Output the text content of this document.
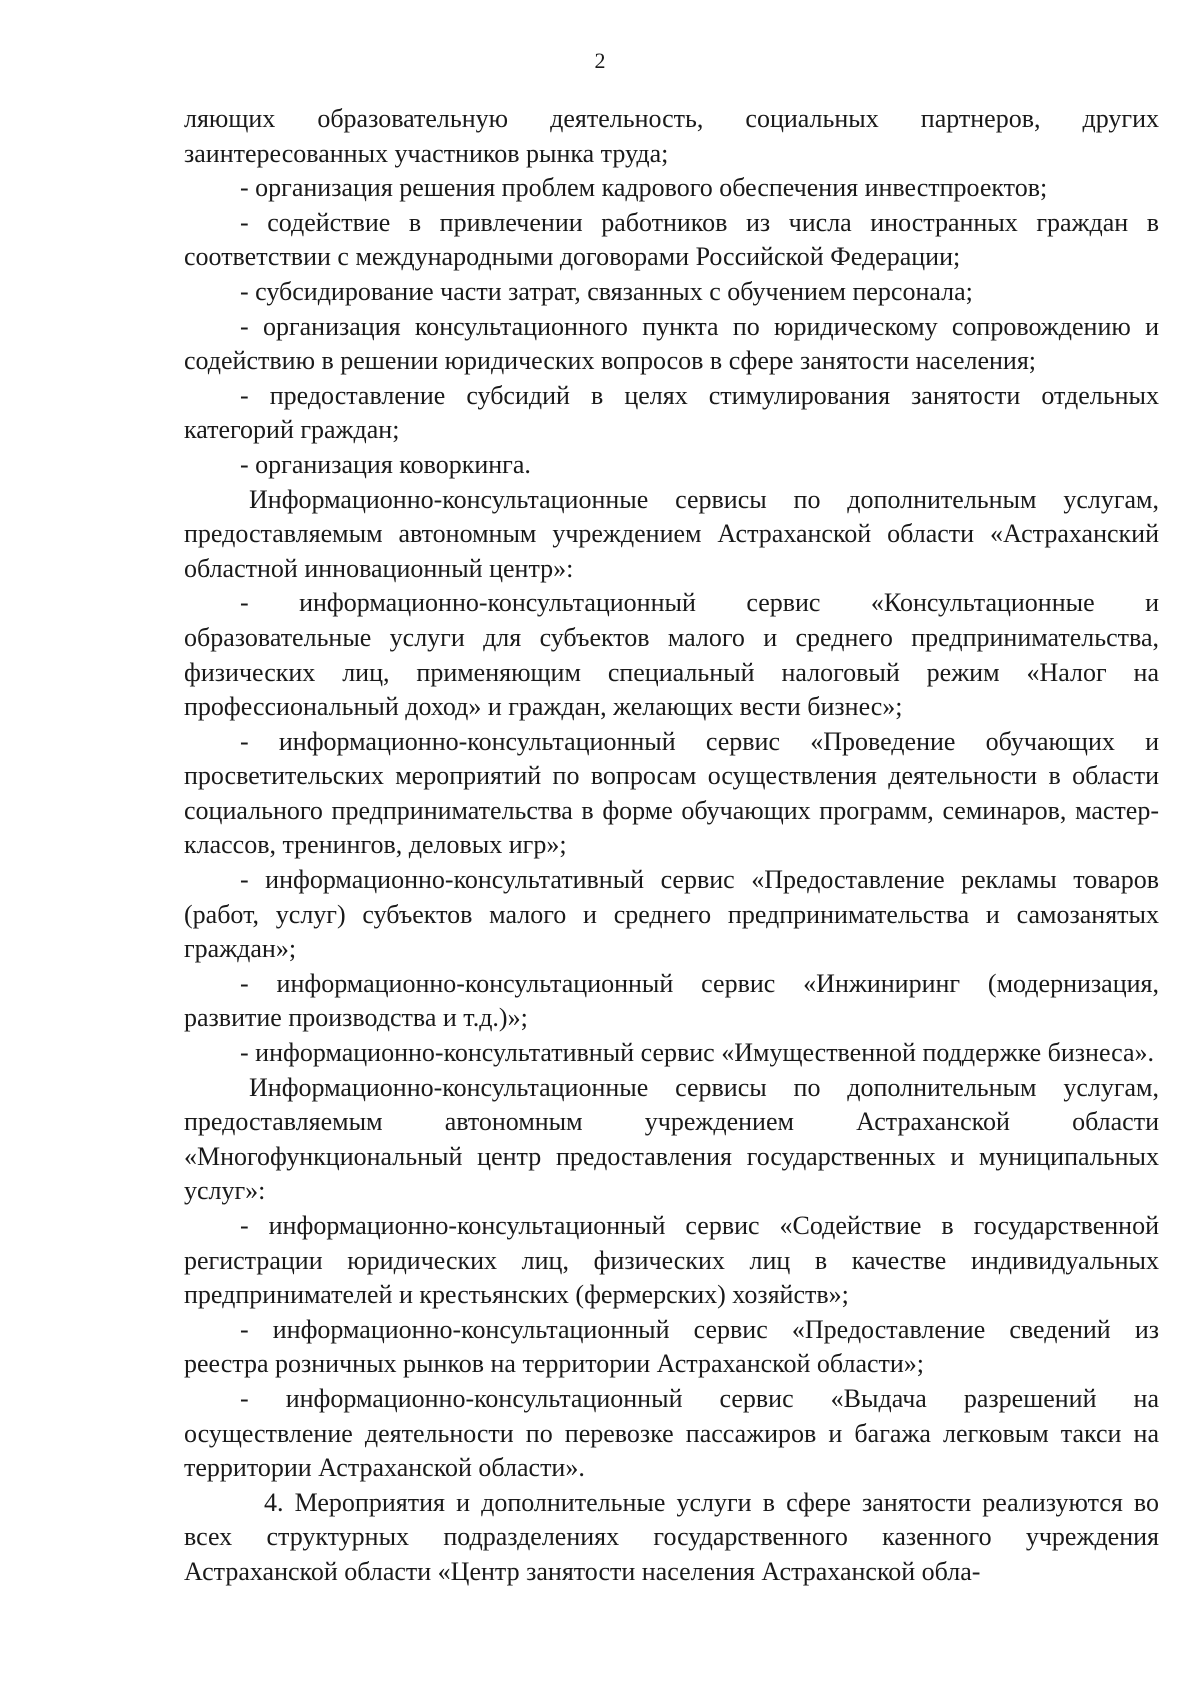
2

ляющих образовательную деятельность, социальных партнеров, других заинтересованных участников рынка труда;

- организация решения проблем кадрового обеспечения инвестпроектов;

- содействие в привлечении работников из числа иностранных граждан в соответствии с международными договорами Российской Федерации;

- субсидирование части затрат, связанных с обучением персонала;

- организация консультационного пункта по юридическому сопровождению и содействию в решении юридических вопросов в сфере занятости населения;

- предоставление субсидий в целях стимулирования занятости отдельных категорий граждан;

- организация коворкинга.

Информационно-консультационные сервисы по дополнительным услугам, предоставляемым автономным учреждением Астраханской области «Астраханский областной инновационный центр»:

- информационно-консультационный сервис «Консультационные и образовательные услуги для субъектов малого и среднего предпринимательства, физических лиц, применяющим специальный налоговый режим «Налог на профессиональный доход» и граждан, желающих вести бизнес»;

- информационно-консультационный сервис «Проведение обучающих и просветительских мероприятий по вопросам осуществления деятельности в области социального предпринимательства в форме обучающих программ, семинаров, мастер-классов, тренингов, деловых игр»;

- информационно-консультативный сервис «Предоставление рекламы товаров (работ, услуг) субъектов малого и среднего предпринимательства и самозанятых граждан»;

- информационно-консультационный сервис «Инжиниринг (модернизация, развитие производства и т.д.)»;

- информационно-консультативный сервис «Имущественной поддержке бизнеса».

Информационно-консультационные сервисы по дополнительным услугам, предоставляемым автономным учреждением Астраханской области «Многофункциональный центр предоставления государственных и муниципальных услуг»:

- информационно-консультационный сервис «Содействие в государственной регистрации юридических лиц, физических лиц в качестве индивидуальных предпринимателей и крестьянских (фермерских) хозяйств»;

- информационно-консультационный сервис «Предоставление сведений из реестра розничных рынков на территории Астраханской области»;

- информационно-консультационный сервис «Выдача разрешений на осуществление деятельности по перевозке пассажиров и багажа легковым такси на территории Астраханской области».

4. Мероприятия и дополнительные услуги в сфере занятости реализуются во всех структурных подразделениях государственного казенного учреждения Астраханской области «Центр занятости населения Астраханской обла-
